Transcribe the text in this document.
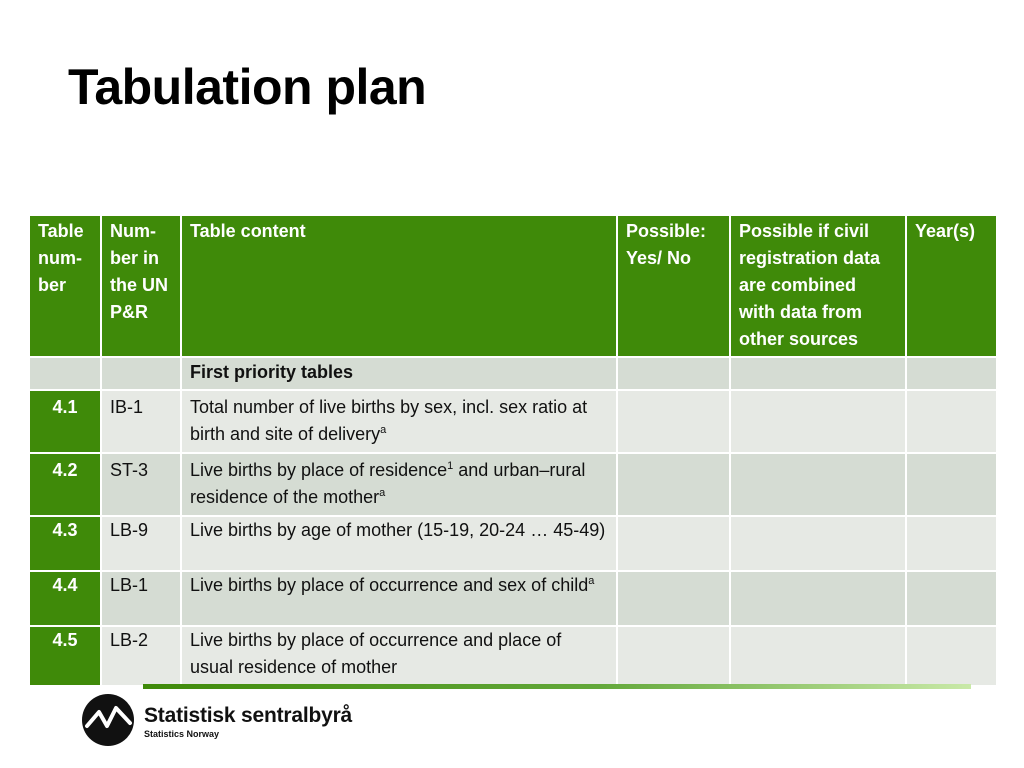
Tabulation plan
Table num-ber	Num-ber in the UN P&R	Table content	Possible: Yes/ No	Possible if civil registration data are combined with data from other sources	Year(s)
		First priority tables			
4.1	IB-1	Total number of live births by sex, incl. sex ratio at birth and site of delivery$^a$			
4.2	ST-3	Live births by place of residence$^1$ and urban–rural residence of the mother$^a$			
4.3	LB-9	Live births by age of mother (15-19, 20-24 … 45-49)			
4.4	LB-1	Live births by place of occurrence and sex of child$^a$			
4.5	LB-2	Live births by place of occurrence and place of usual residence of mother			
Statistisk sentralbyrå
Statistics Norway
